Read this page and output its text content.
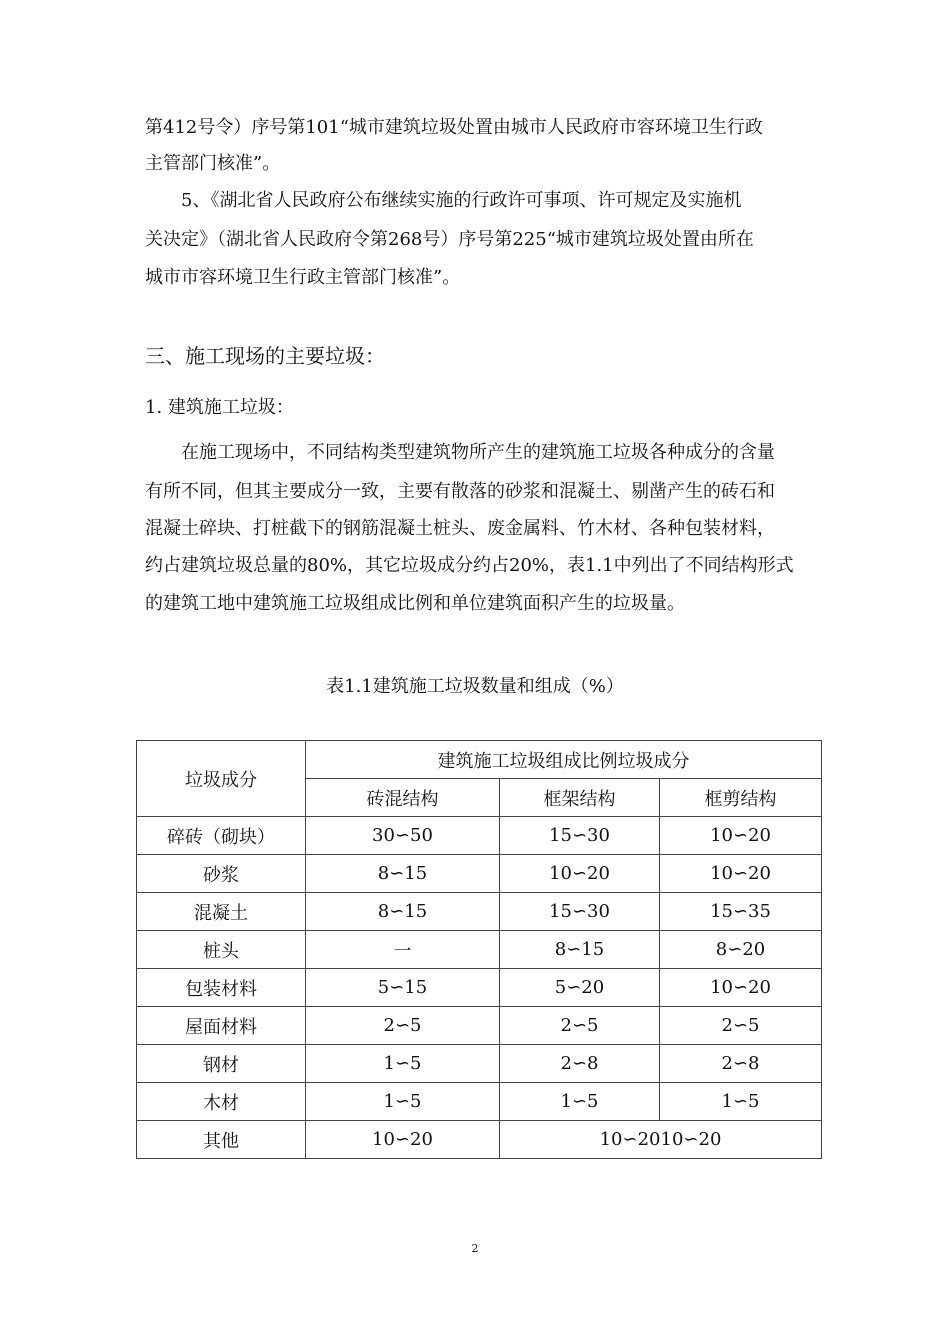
第412号令）序号第101“城市建筑垃圾处置由城市人民政府市容环境卫生行政
主管部门核准”。
　　5、《湖北省人民政府公布继续实施的行政许可事项、许可规定及实施机
关决定》（湖北省人民政府令第268号）序号第225“城市建筑垃圾处置由所在
城市市容环境卫生行政主管部门核准”。
三、施工现场的主要垃圾：
1. 建筑施工垃圾：
　　在施工现场中，不同结构类型建筑物所产生的建筑施工垃圾各种成分的含量
有所不同，但其主要成分一致，主要有散落的砂浆和混凝土、剔凿产生的砖石和
混凝土碎块、打桩截下的钢筋混凝土桩头、废金属料、竹木材、各种包装材料，
约占建筑垃圾总量的80%，其它垃圾成分约占20%，表1.1中列出了不同结构形式
的建筑工地中建筑施工垃圾组成比例和单位建筑面积产生的垃圾量。
表1.1建筑施工垃圾数量和组成（%）
垃圾成分	建筑施工垃圾组成比例垃圾成分		
	砖混结构	框架结构	框剪结构
碎砖（砌块）	30∽50	15∽30	10∽20
砂浆	8∽15	10∽20	10∽20
混凝土	8∽15	15∽30	15∽35
桩头	一	8∽15	8∽20
包装材料	5∽15	5∽20	10∽20
屋面材料	2∽5	2∽5	2∽5
钢材	1∽5	2∽8	2∽8
木材	1∽5	1∽5	1∽5
其他	10∽20	10∽2010∽20	
2
